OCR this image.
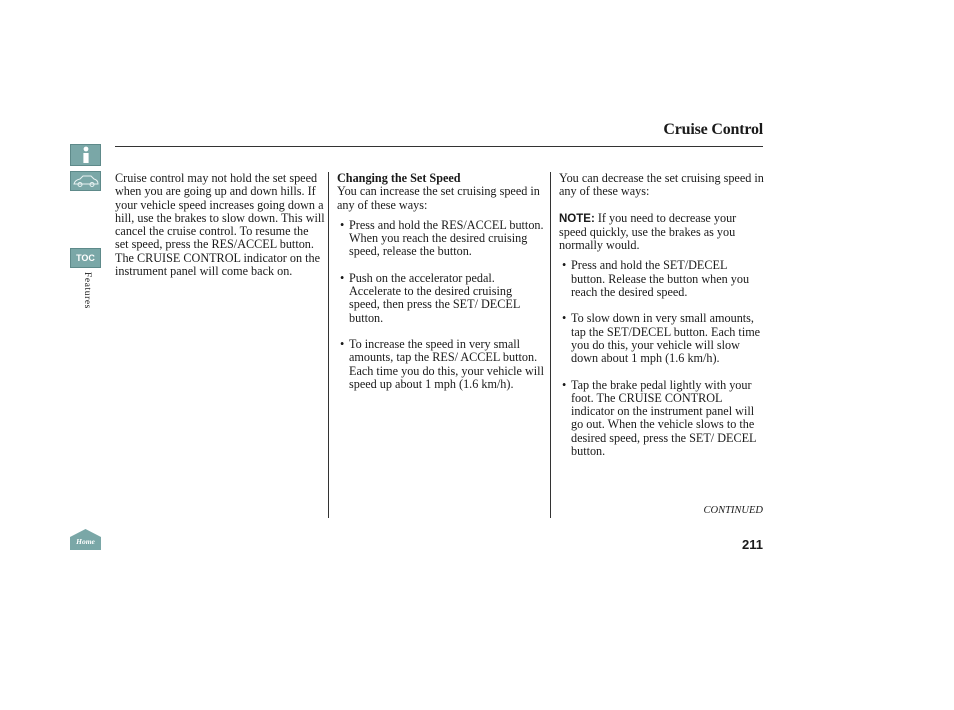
TOC
Features
Home
Cruise Control

Cruise control may not hold the set speed when you are going up and down hills. If your vehicle speed increases going down a hill, use the brakes to slow down. This will cancel the cruise control. To resume the set speed, press the RES/ACCEL button. The CRUISE CONTROL indicator on the instrument panel will come back on.

Changing the Set Speed

You can increase the set cruising speed in any of these ways:

• Press and hold the RES/ACCEL button. When you reach the desired cruising speed, release the button.
• Push on the accelerator pedal. Accelerate to the desired cruising speed, then press the SET/ DECEL button.
• To increase the speed in very small amounts, tap the RES/ ACCEL button. Each time you do this, your vehicle will speed up about 1 mph (1.6 km/h).

You can decrease the set cruising speed in any of these ways:

NOTE: If you need to decrease your speed quickly, use the brakes as you normally would.

• Press and hold the SET/DECEL button. Release the button when you reach the desired speed.
• To slow down in very small amounts, tap the SET/DECEL button. Each time you do this, your vehicle will slow down about 1 mph (1.6 km/h).
• Tap the brake pedal lightly with your foot. The CRUISE CONTROL indicator on the instrument panel will go out. When the vehicle slows to the desired speed, press the SET/ DECEL button.
CONTINUED
211
